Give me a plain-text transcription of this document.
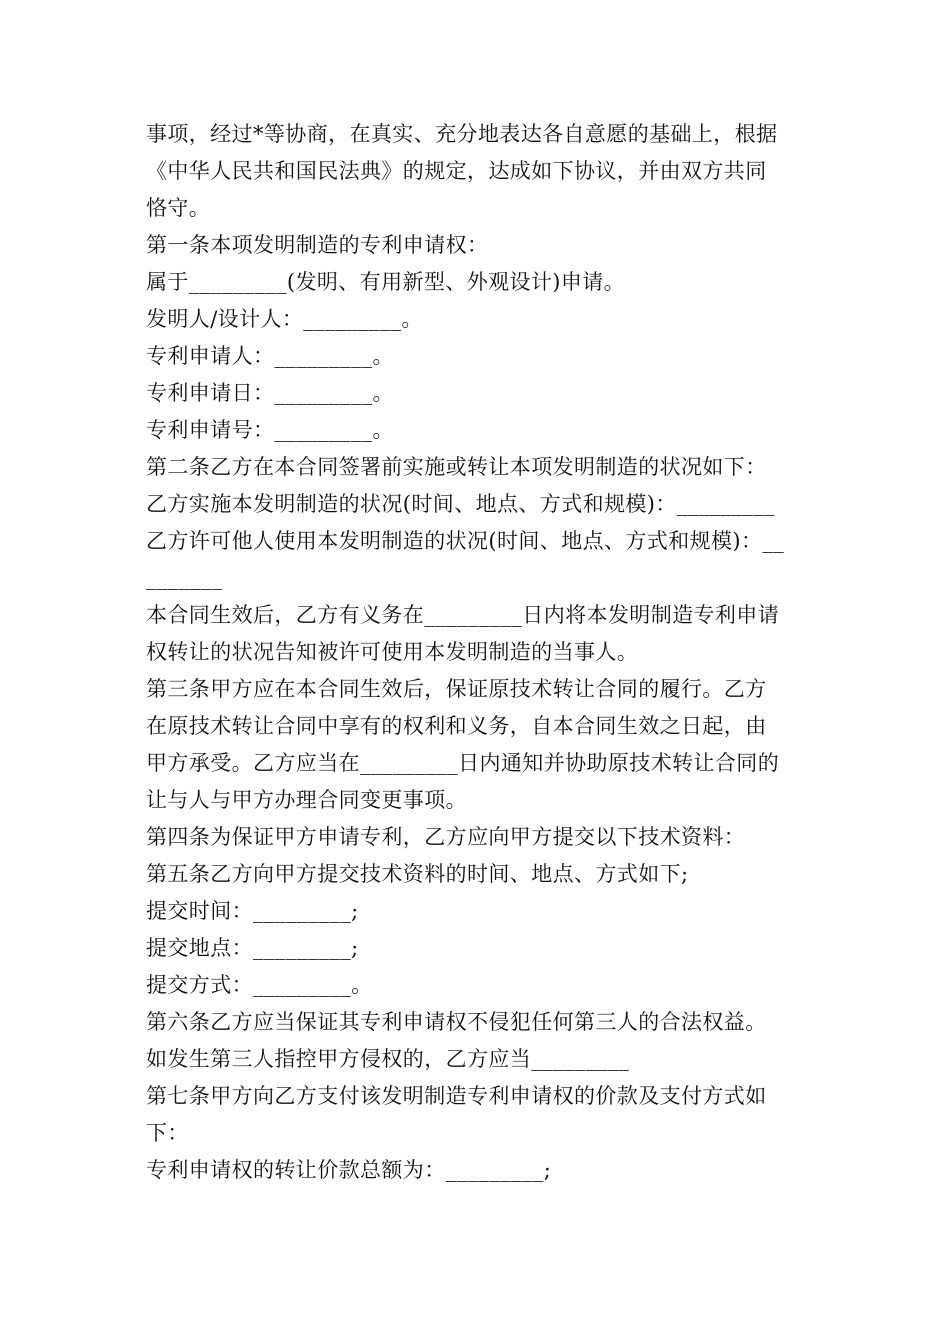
事项，经过*等协商，在真实、充分地表达各自意愿的基础上，根据
《中华人民共和国民法典》的规定，达成如下协议，并由双方共同
恪守。
第一条本项发明制造的专利申请权：
属于_________(发明、有用新型、外观设计)申请。
发明人/设计人：_________。
专利申请人：_________。
专利申请日：_________。
专利申请号：_________。
第二条乙方在本合同签署前实施或转让本项发明制造的状况如下：
乙方实施本发明制造的状况(时间、地点、方式和规模)：_________
乙方许可他人使用本发明制造的状况(时间、地点、方式和规模)：__
_______
本合同生效后，乙方有义务在_________日内将本发明制造专利申请
权转让的状况告知被许可使用本发明制造的当事人。
第三条甲方应在本合同生效后，保证原技术转让合同的履行。乙方
在原技术转让合同中享有的权利和义务，自本合同生效之日起，由
甲方承受。乙方应当在_________日内通知并协助原技术转让合同的
让与人与甲方办理合同变更事项。
第四条为保证甲方申请专利，乙方应向甲方提交以下技术资料：
第五条乙方向甲方提交技术资料的时间、地点、方式如下;
提交时间：_________;
提交地点：_________;
提交方式：_________。
第六条乙方应当保证其专利申请权不侵犯任何第三人的合法权益。
如发生第三人指控甲方侵权的，乙方应当_________
第七条甲方向乙方支付该发明制造专利申请权的价款及支付方式如
下：
专利申请权的转让价款总额为：_________;
